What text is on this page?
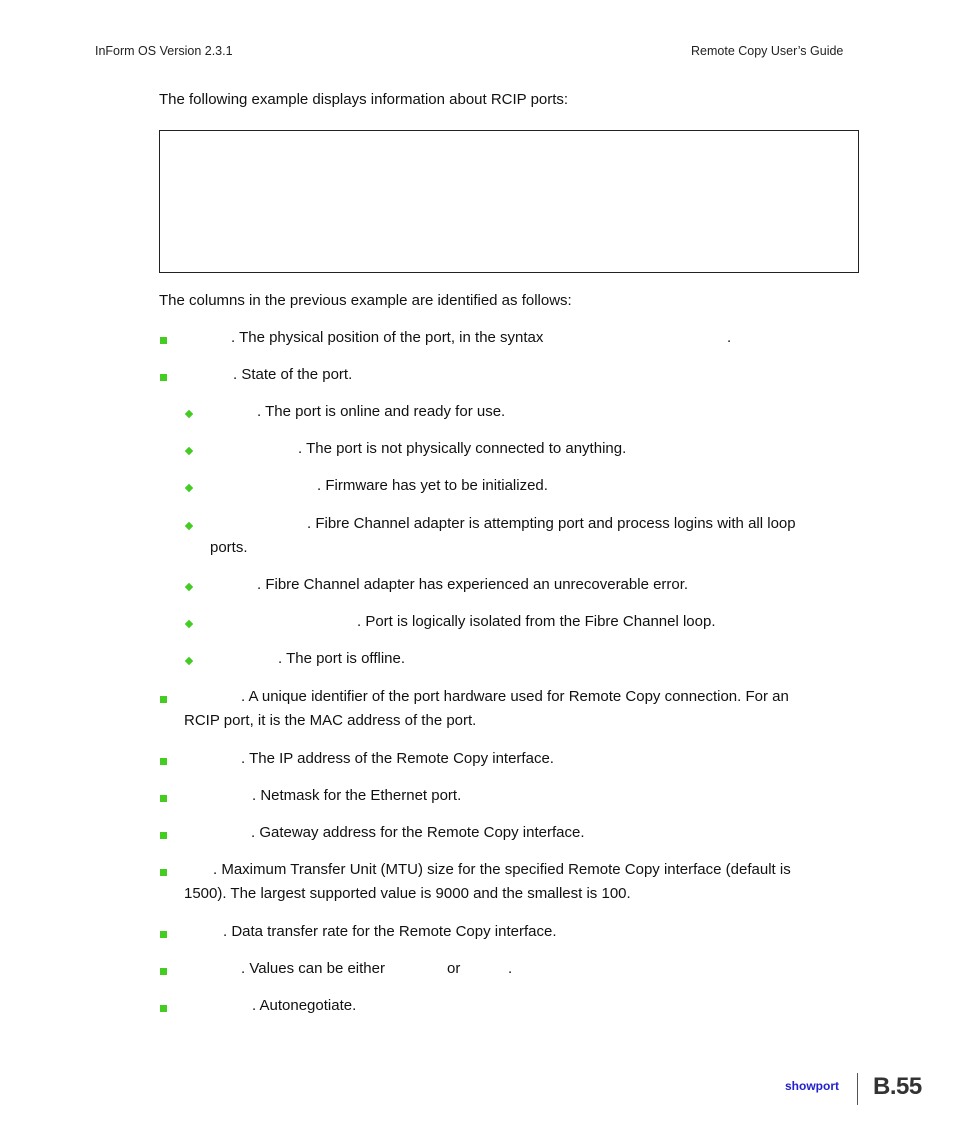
InForm OS Version 2.3.1	Remote Copy User’s Guide
The following example displays information about RCIP ports:
The columns in the previous example are identified as follows:
. The physical position of the port, in the syntax	.
. State of the port.
. The port is online and ready for use.
. The port is not physically connected to anything.
. Firmware has yet to be initialized.
. Fibre Channel adapter is attempting port and process logins with all loop
ports.
. Fibre Channel adapter has experienced an unrecoverable error.
. Port is logically isolated from the Fibre Channel loop.
. The port is offline.
. A unique identifier of the port hardware used for Remote Copy connection. For an
RCIP port, it is the MAC address of the port.
. The IP address of the Remote Copy interface.
. Netmask for the Ethernet port.
. Gateway address for the Remote Copy interface.
. Maximum Transfer Unit (MTU) size for the specified Remote Copy interface (default is
1500). The largest supported value is 9000 and the smallest is 100.
. Data transfer rate for the Remote Copy interface.
. Values can be either	or	.
. Autonegotiate.
showport B.55
